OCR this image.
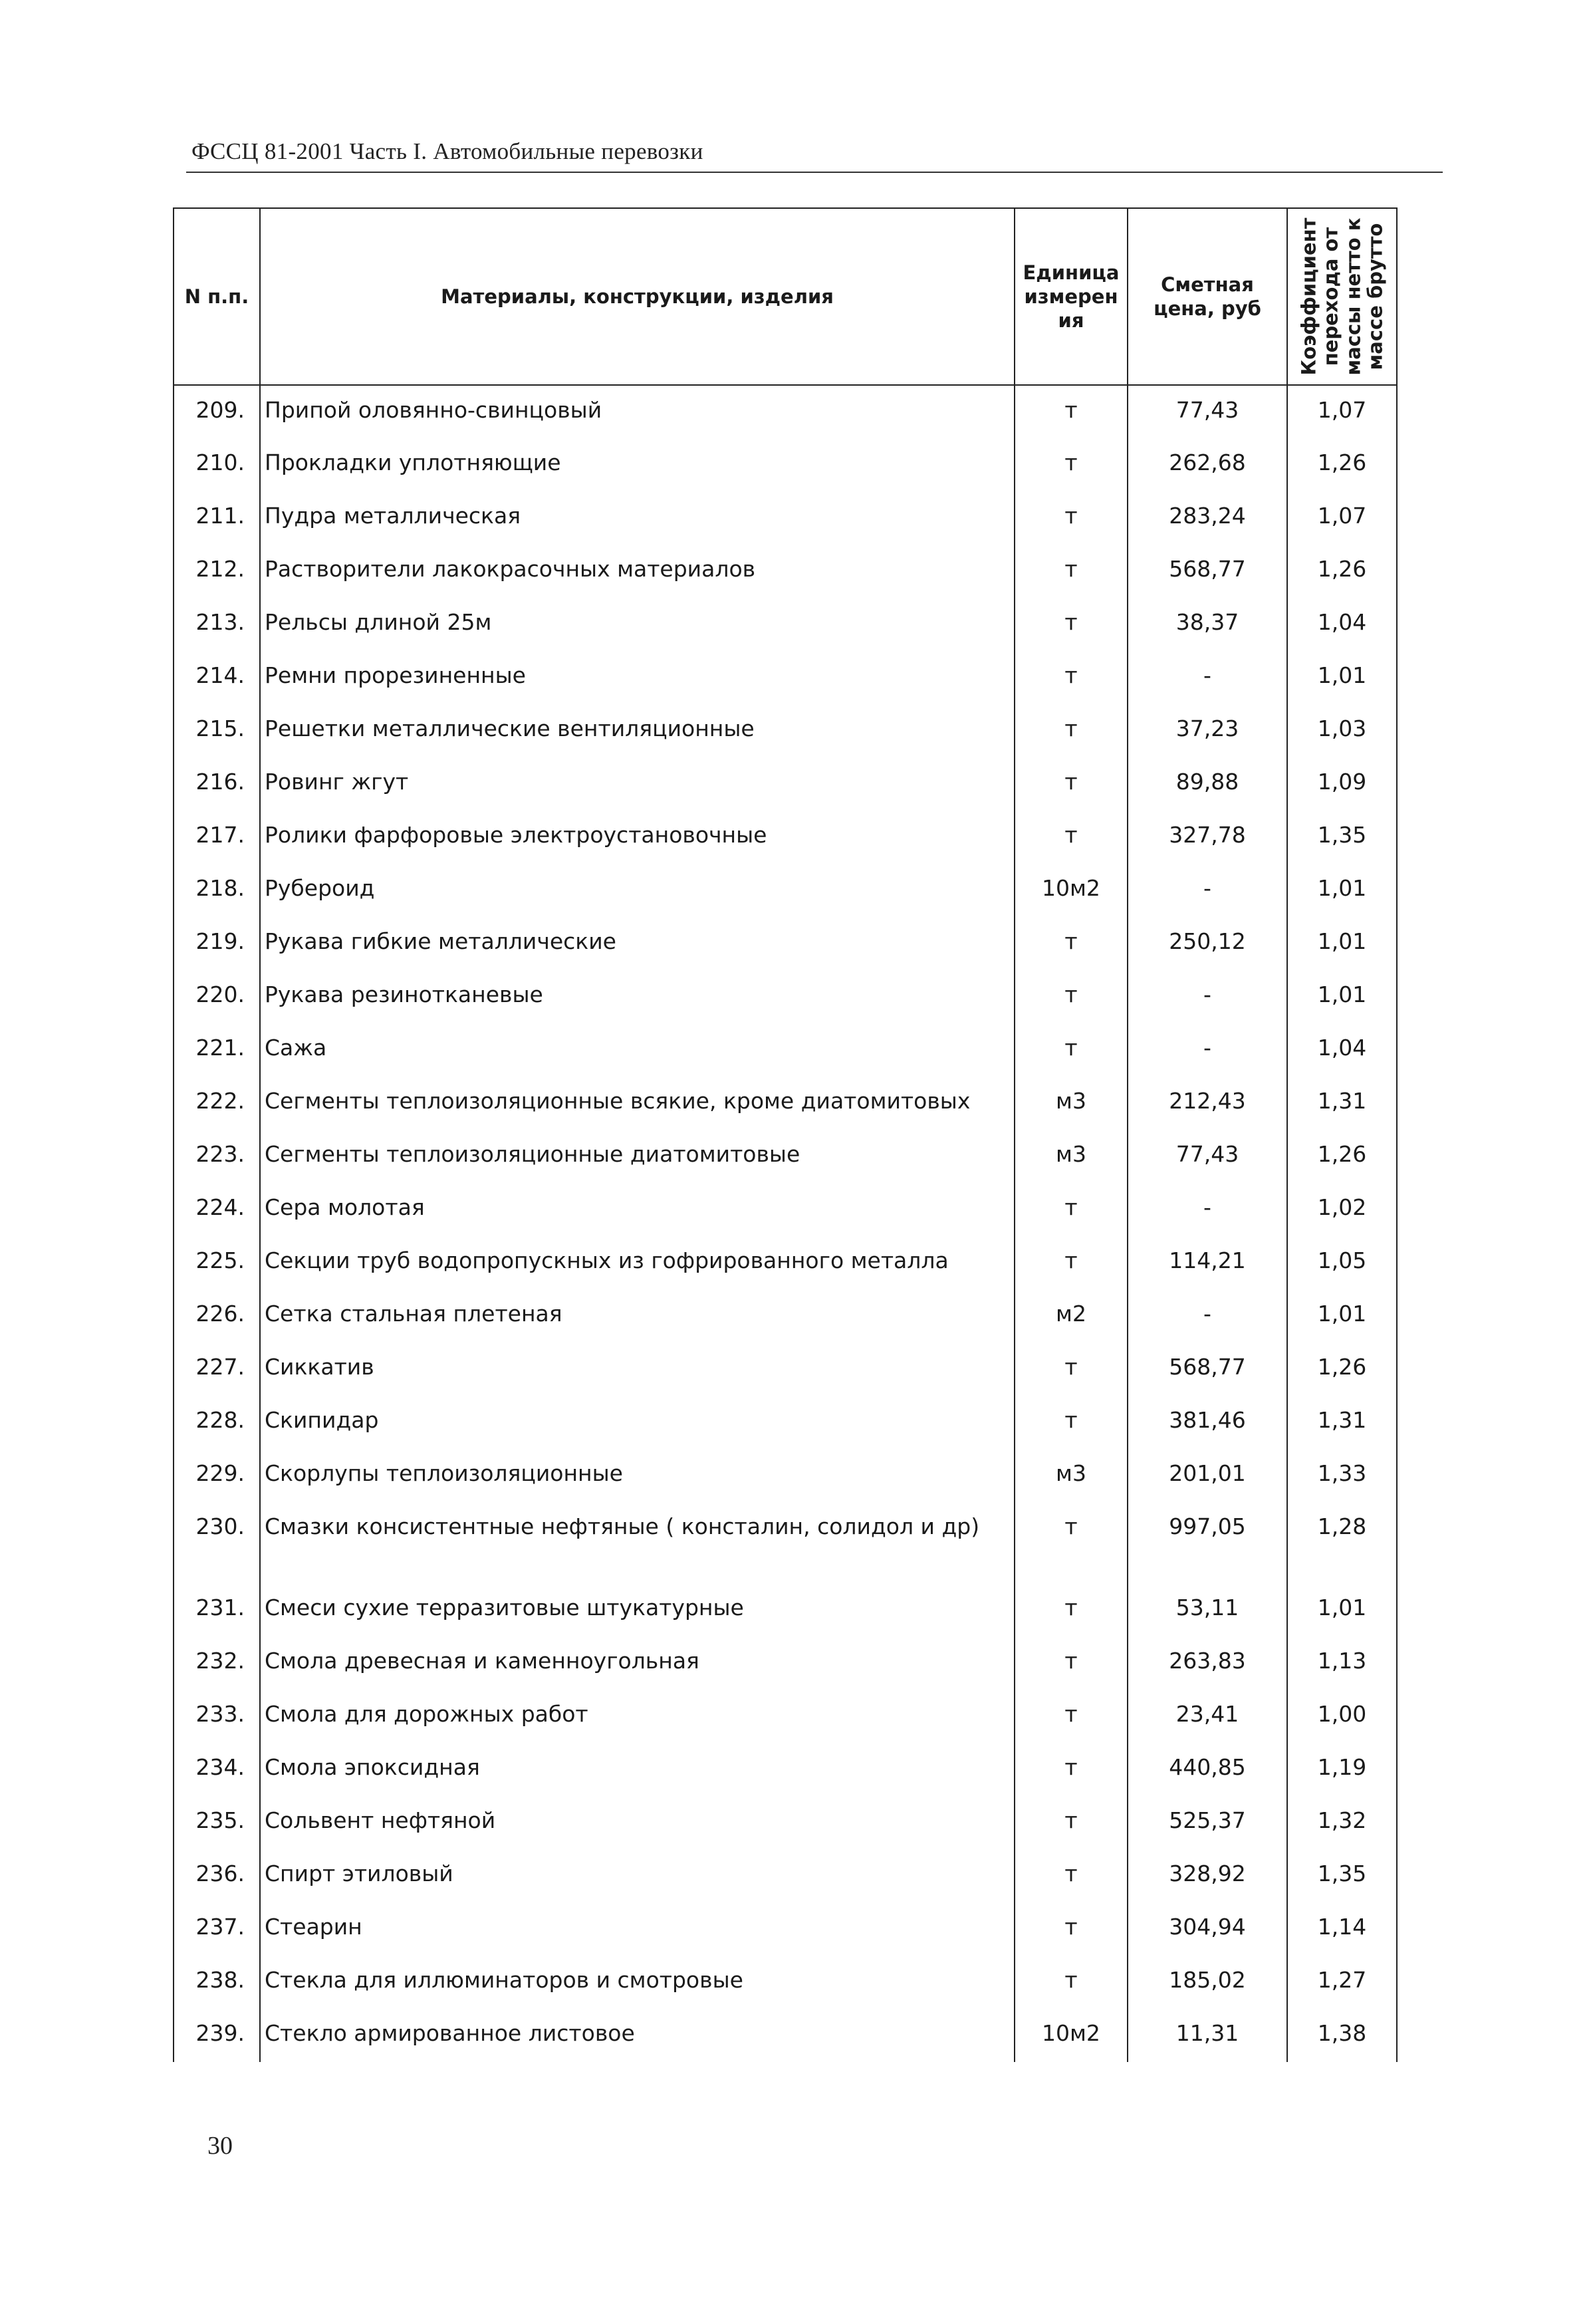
ФССЦ 81-2001 Часть I. Автомобильные перевозки
N п.п.	Материалы, конструкции, изделия	Единица измерен ия	Сметная цена, руб	Коэффициент перехода от массы нетто к массе брутто

209.	Припой оловянно-свинцовый	т	77,43	1,07
210.	Прокладки уплотняющие	т	262,68	1,26
211.	Пудра металлическая	т	283,24	1,07
212.	Растворители лакокрасочных материалов	т	568,77	1,26
213.	Рельсы длиной 25м	т	38,37	1,04
214.	Ремни прорезиненные	т	-	1,01
215.	Решетки металлические вентиляционные	т	37,23	1,03
216.	Ровинг жгут	т	89,88	1,09
217.	Ролики фарфоровые электроустановочные	т	327,78	1,35
218.	Рубероид	10м2	-	1,01
219.	Рукава гибкие металлические	т	250,12	1,01
220.	Рукава резинотканевые	т	-	1,01
221.	Сажа	т	-	1,04
222.	Сегменты теплоизоляционные всякие, кроме диатомитовых	м3	212,43	1,31
223.	Сегменты теплоизоляционные диатомитовые	м3	77,43	1,26
224.	Сера молотая	т	-	1,02
225.	Секции труб водопропускных из гофрированного металла	т	114,21	1,05
226.	Сетка стальная плетеная	м2	-	1,01
227.	Сиккатив	т	568,77	1,26
228.	Скипидар	т	381,46	1,31
229.	Скорлупы теплоизоляционные	м3	201,01	1,33
230.	Смазки консистентные нефтяные ( констaлин, солидол и др)	т	997,05	1,28
231.	Смеси сухие терразитовые штукатурные	т	53,11	1,01
232.	Смола древесная и каменноугольная	т	263,83	1,13
233.	Смола для дорожных работ	т	23,41	1,00
234.	Смола эпоксидная	т	440,85	1,19
235.	Сольвент нефтяной	т	525,37	1,32
236.	Спирт этиловый	т	328,92	1,35
237.	Стеарин	т	304,94	1,14
238.	Стекла для иллюминаторов и смотровые	т	185,02	1,27
239.	Стекло армированное листовое	10м2	11,31	1,38
30
